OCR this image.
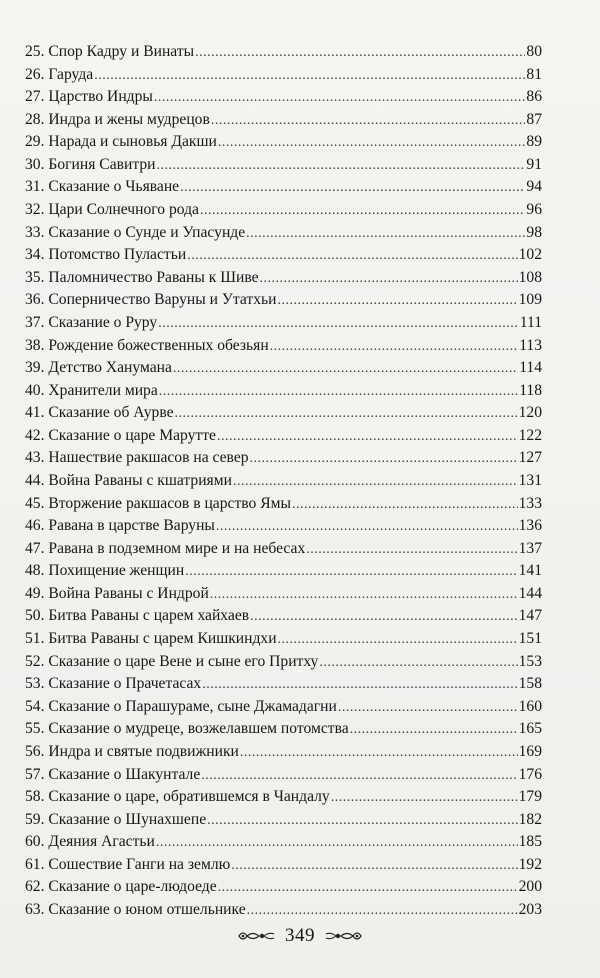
25. Спор Кадру и Винаты .....	80
26. Гаруда .....	81
27. Царство Индры .....	86
28. Индра и жены мудрецов .....	87
29. Нарада и сыновья Дакши .....	89
30. Богиня Савитри .....	91
31. Сказание о Чьяване .....	94
32. Цари Солнечного рода .....	96
33. Сказание о Сунде и Упасунде .....	98
34. Потомство Пуластьи .....	102
35. Паломничество Раваны к Шиве .....	108
36. Соперничество Варуны и Утатхьи .....	109
37. Сказание о Руру .....	111
38. Рождение божественных обезьян .....	113
39. Детство Ханумана .....	114
40. Хранители мира .....	118
41. Сказание об Аурве .....	120
42. Сказание о царе Марутте .....	122
43. Нашествие ракшасов на север .....	127
44. Война Раваны с кшатриями .....	131
45. Вторжение ракшасов в царство Ямы .....	133
46. Равана в царстве Варуны .....	136
47. Равана в подземном мире и на небесах .....	137
48. Похищение женщин .....	141
49. Война Раваны с Индрой .....	144
50. Битва Раваны с царем хайхаев .....	147
51. Битва Раваны с царем Кишкиндхи .....	151
52. Сказание о царе Вене и сыне его Притху .....	153
53. Сказание о Прачетасах .....	158
54. Сказание о Парашураме, сыне Джамадагни .....	160
55. Сказание о мудреце, возжелавшем потомства .....	165
56. Индра и святые подвижники .....	169
57. Сказание о Шакунтале .....	176
58. Сказание о царе, обратившемся в Чандалу .....	179
59. Сказание о Шунахшепе .....	182
60. Деяния Агастьи .....	185
61. Сошествие Ганги на землю .....	192
62. Сказание о царе-людоеде .....	200
63. Сказание о юном отшельнике .....	203
349
